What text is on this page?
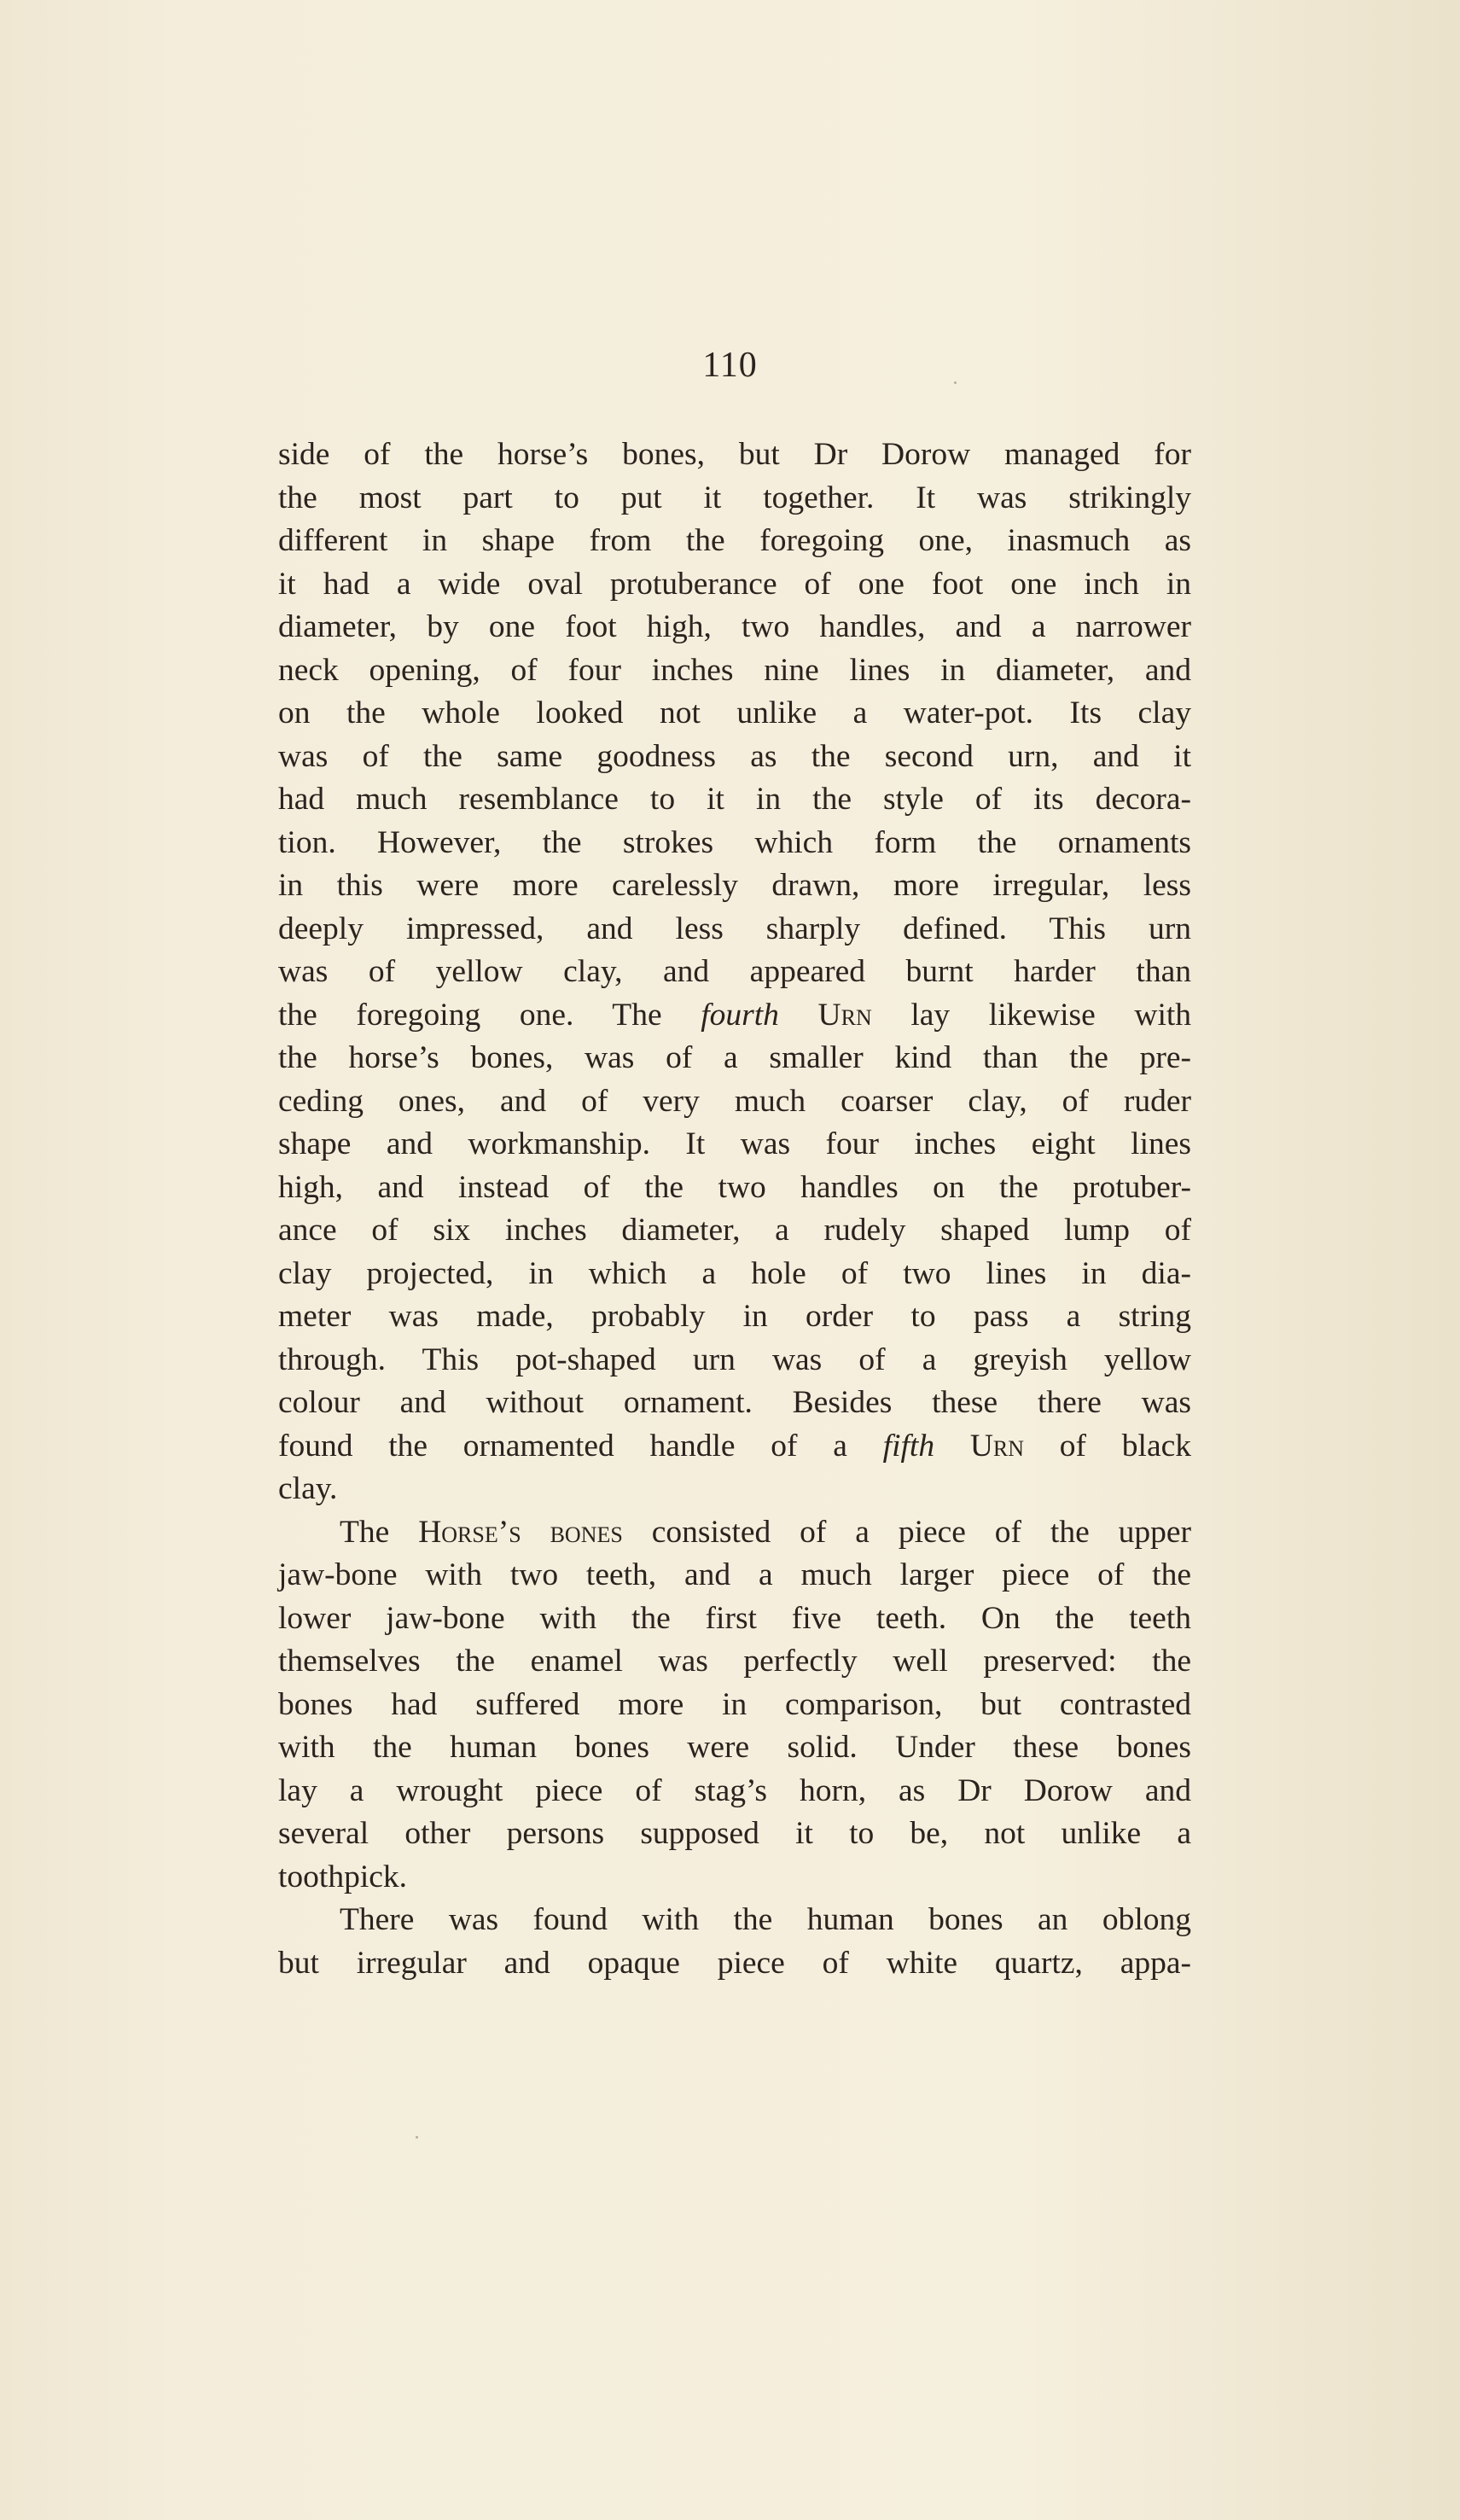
110
side of the horse’s bones, but Dr Dorow managed for
the most part to put it together. It was strikingly
different in shape from the foregoing one, inasmuch as
it had a wide oval protuberance of one foot one inch in
diameter, by one foot high, two handles, and a narrower
neck opening, of four inches nine lines in diameter, and
on the whole looked not unlike a water-pot. Its clay
was of the same goodness as the second urn, and it
had much resemblance to it in the style of its decora-
tion. However, the strokes which form the ornaments
in this were more carelessly drawn, more irregular, less
deeply impressed, and less sharply defined. This urn
was of yellow clay, and appeared burnt harder than
the foregoing one. The fourth Urn lay likewise with
the horse’s bones, was of a smaller kind than the pre-
ceding ones, and of very much coarser clay, of ruder
shape and workmanship. It was four inches eight lines
high, and instead of the two handles on the protuber-
ance of six inches diameter, a rudely shaped lump of
clay projected, in which a hole of two lines in dia-
meter was made, probably in order to pass a string
through. This pot-shaped urn was of a greyish yellow
colour and without ornament. Besides these there was
found the ornamented handle of a fifth Urn of black
clay.
The Horse’s bones consisted of a piece of the upper
jaw-bone with two teeth, and a much larger piece of the
lower jaw-bone with the first five teeth. On the teeth
themselves the enamel was perfectly well preserved: the
bones had suffered more in comparison, but contrasted
with the human bones were solid. Under these bones
lay a wrought piece of stag’s horn, as Dr Dorow and
several other persons supposed it to be, not unlike a
toothpick.
There was found with the human bones an oblong
but irregular and opaque piece of white quartz, appa-
